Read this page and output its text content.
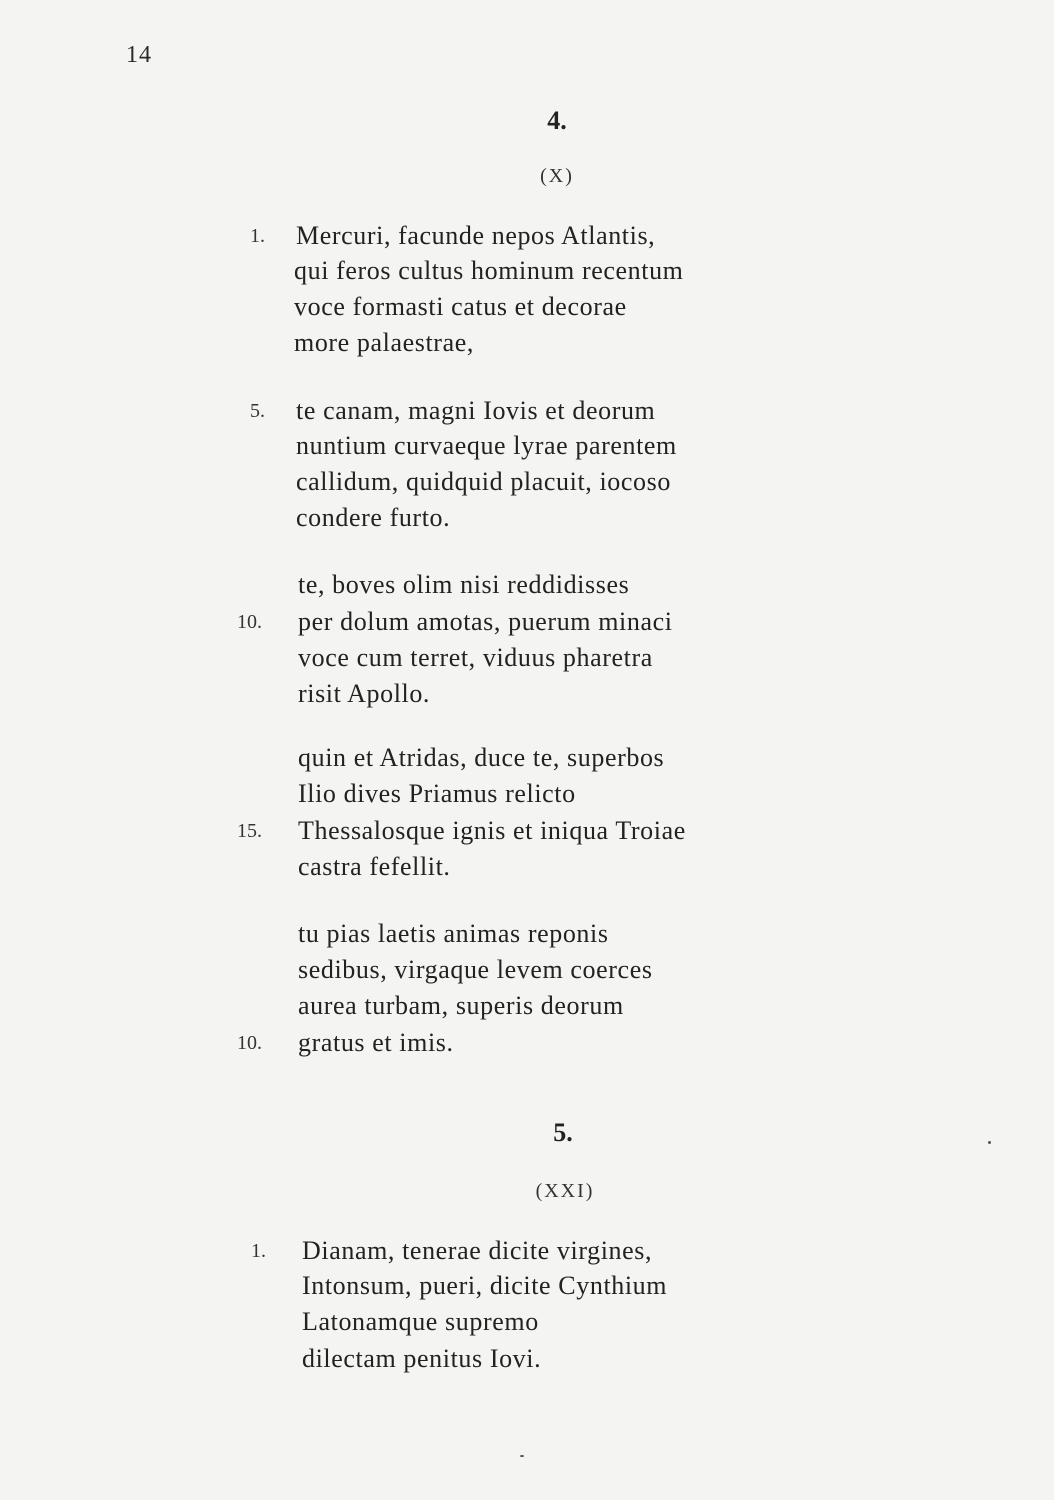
14
4.
(X)
1. Mercuri, facunde nepos Atlantis,
qui feros cultus hominum recentum
voce formasti catus et decorae
more palaestrae,
5. te canam, magni Iovis et deorum
nuntium curvaeque lyrae parentem
callidum, quidquid placuit, iocoso
condere furto.
te, boves olim nisi reddidisses
10. per dolum amotas, puerum minaci
voce cum terret, viduus pharetra
risit Apollo.
quin et Atridas, duce te, superbos
Ilio dives Priamus relicto
15. Thessalosque ignis et iniqua Troiae
castra fefellit.
tu pias laetis animas reponis
sedibus, virgaque levem coerces
aurea turbam, superis deorum
10. gratus et imis.
5.
(XXI)
1. Dianam, tenerae dicite virgines,
Intonsum, pueri, dicite Cynthium
Latonamque supremo
dilectam penitus Iovi.
